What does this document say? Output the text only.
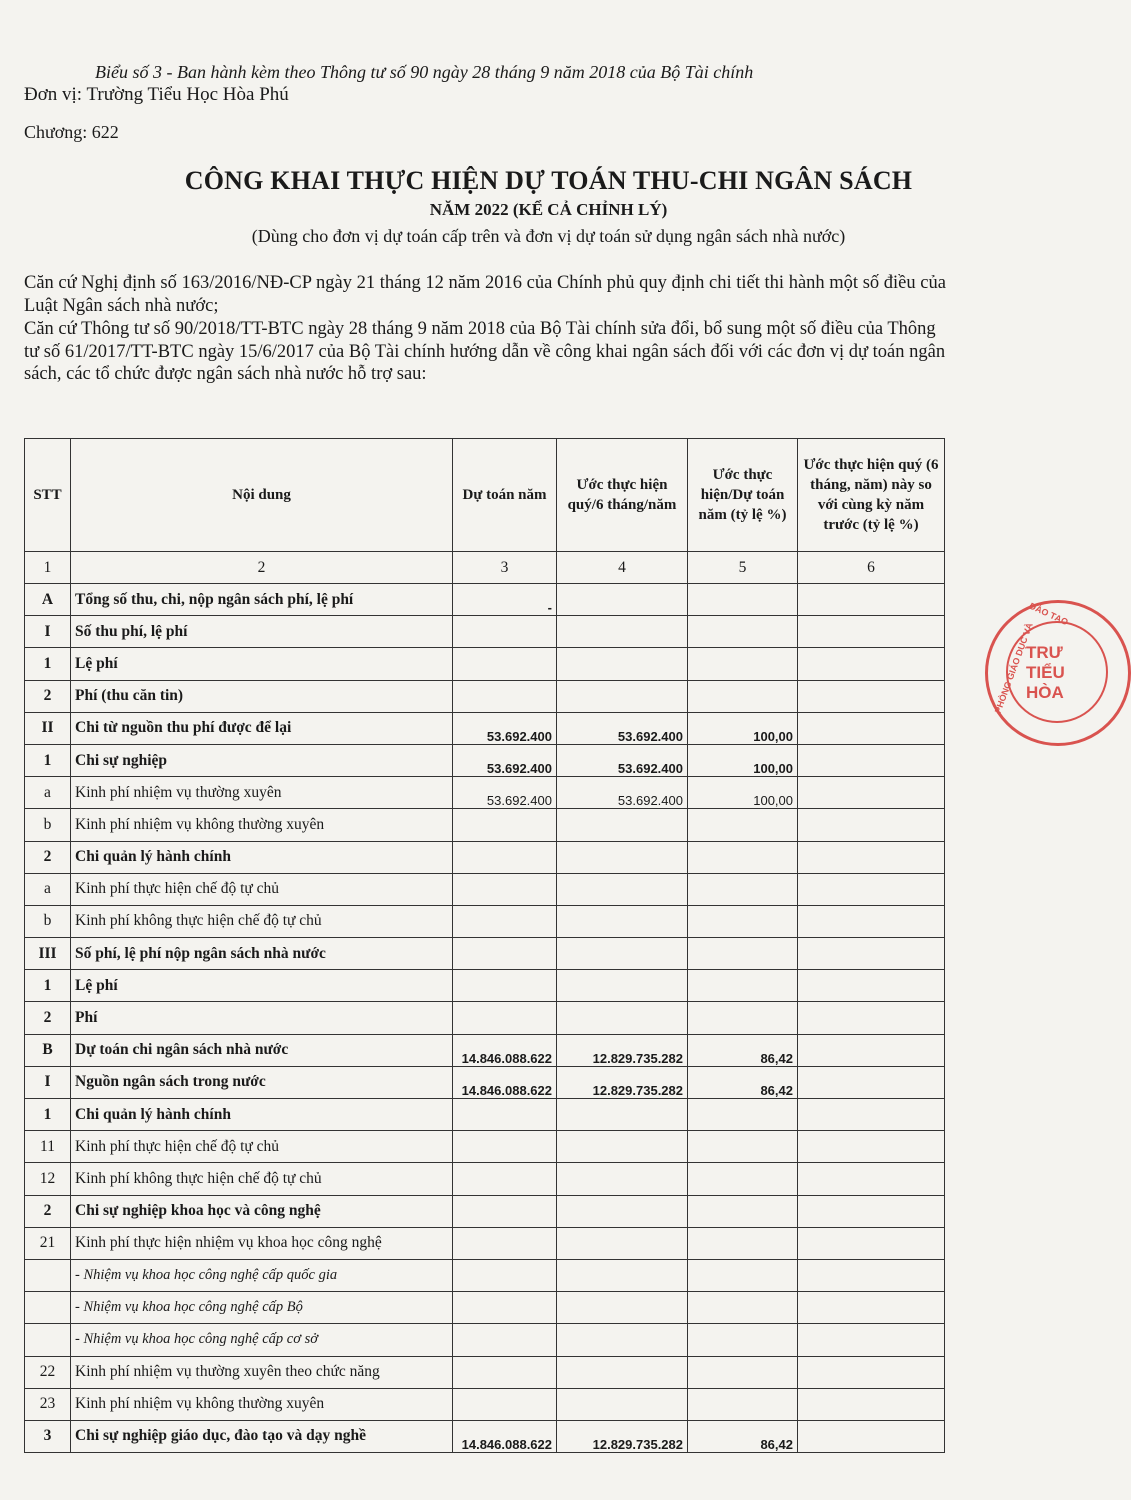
Biểu số 3 - Ban hành kèm theo Thông tư số 90 ngày 28 tháng 9 năm 2018 của Bộ Tài chính
Đơn vị: Trường Tiểu Học Hòa Phú
Chương: 622
CÔNG KHAI THỰC HIỆN DỰ TOÁN THU-CHI NGÂN SÁCH
NĂM 2022 (KỂ CẢ CHỈNH LÝ)
(Dùng cho đơn vị dự toán cấp trên và đơn vị dự toán sử dụng ngân sách nhà nước)
Căn cứ Nghị định số 163/2016/NĐ-CP ngày 21 tháng 12 năm 2016 của Chính phủ quy định chi tiết thi hành một số điều của Luật Ngân sách nhà nước;
Căn cứ Thông tư số 90/2018/TT-BTC ngày 28 tháng 9 năm 2018 của Bộ Tài chính sửa đổi, bổ sung một số điều của Thông tư số 61/2017/TT-BTC ngày 15/6/2017 của Bộ Tài chính hướng dẫn về công khai ngân sách đối với các đơn vị dự toán ngân sách, các tổ chức được ngân sách nhà nước hỗ trợ sau:
STT	Nội dung	Dự toán năm	Ước thực hiện quý/6 tháng/năm	Ước thực hiện/Dự toán năm (tỷ lệ %)	Ước thực hiện quý (6 tháng, năm) này so với cùng kỳ năm trước (tỷ lệ %)
1	2	3	4	5	6
A	Tổng số thu, chi, nộp ngân sách phí, lệ phí	-			
I	Số thu phí, lệ phí				
1	Lệ phí				
2	Phí (thu căn tin)				
II	Chi từ nguồn thu phí được để lại	53.692.400	53.692.400	100,00	
1	Chi sự nghiệp	53.692.400	53.692.400	100,00	
a	Kinh phí nhiệm vụ thường xuyên	53.692.400	53.692.400	100,00	
b	Kinh phí nhiệm vụ không thường xuyên				
2	Chi quản lý hành chính				
a	Kinh phí thực hiện chế độ tự chủ				
b	Kinh phí không thực hiện chế độ tự chủ				
III	Số phí, lệ phí nộp ngân sách nhà nước				
1	Lệ phí				
2	Phí				
B	Dự toán chi ngân sách nhà nước	14.846.088.622	12.829.735.282	86,42	
I	Nguồn ngân sách trong nước	14.846.088.622	12.829.735.282	86,42	
1	Chi quản lý hành chính				
11	Kinh phí thực hiện chế độ tự chủ				
12	Kinh phí không thực hiện chế độ tự chủ				
2	Chi sự nghiệp khoa học và công nghệ				
21	Kinh phí thực hiện nhiệm vụ khoa học công nghệ				
	- Nhiệm vụ khoa học công nghệ cấp quốc gia				
	- Nhiệm vụ khoa học công nghệ cấp Bộ				
	- Nhiệm vụ khoa học công nghệ cấp cơ sở				
22	Kinh phí nhiệm vụ thường xuyên theo chức năng				
23	Kinh phí nhiệm vụ không thường xuyên				
3	Chi sự nghiệp giáo dục, đào tạo và dạy nghề	14.846.088.622	12.829.735.282	86,42	
ĐÀO TẠO
PHÒNG GIÁO DỤC VÀ
TRƯ
TIỂU
HÒA
